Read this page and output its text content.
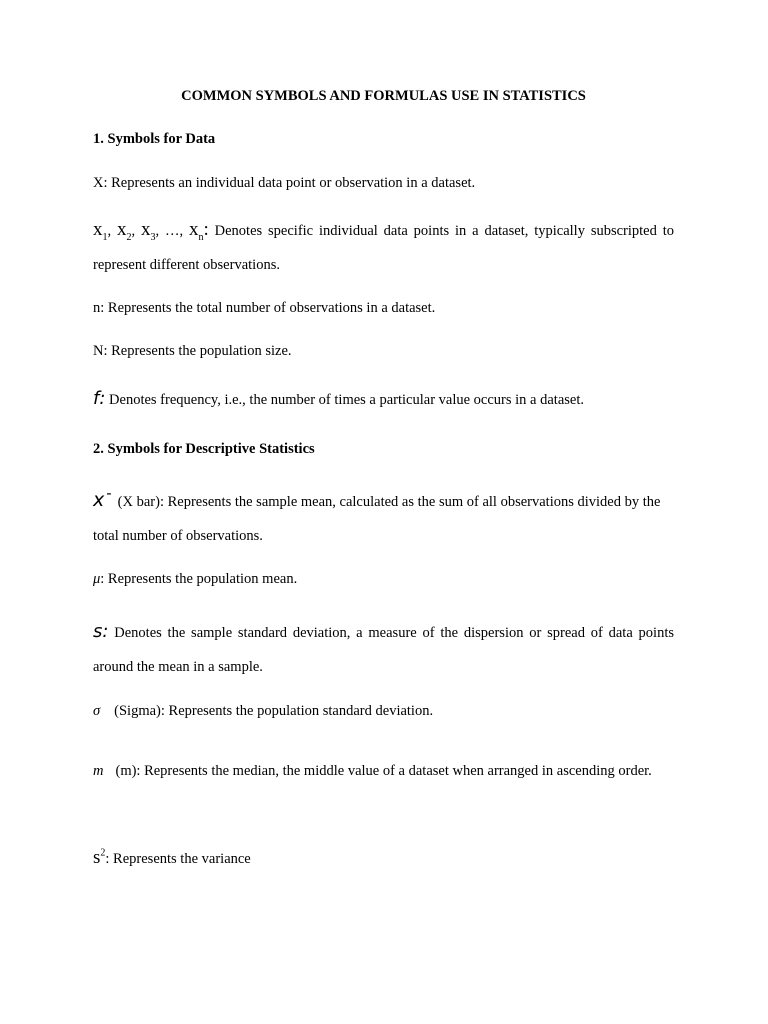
COMMON SYMBOLS AND FORMULAS USE IN STATISTICS

1. Symbols for Data

X: Represents an individual data point or observation in a dataset.

$x_1$, $x_2$, $x_3$, …, $x_n$: Denotes specific individual data points in a dataset, typically subscripted to represent different observations.

n: Represents the total number of observations in a dataset.

N: Represents the population size.

f: Denotes frequency, i.e., the number of times a particular value occurs in a dataset.

2. Symbols for Descriptive Statistics

x - (X bar): Represents the sample mean, calculated as the sum of all observations divided by the total number of observations.

μ: Represents the population mean.

s: Denotes the sample standard deviation, a measure of the dispersion or spread of data points around the mean in a sample.

σ (Sigma): Represents the population standard deviation.

m (m): Represents the median, the middle value of a dataset when arranged in ascending order.

$s^2$: Represents the variance
